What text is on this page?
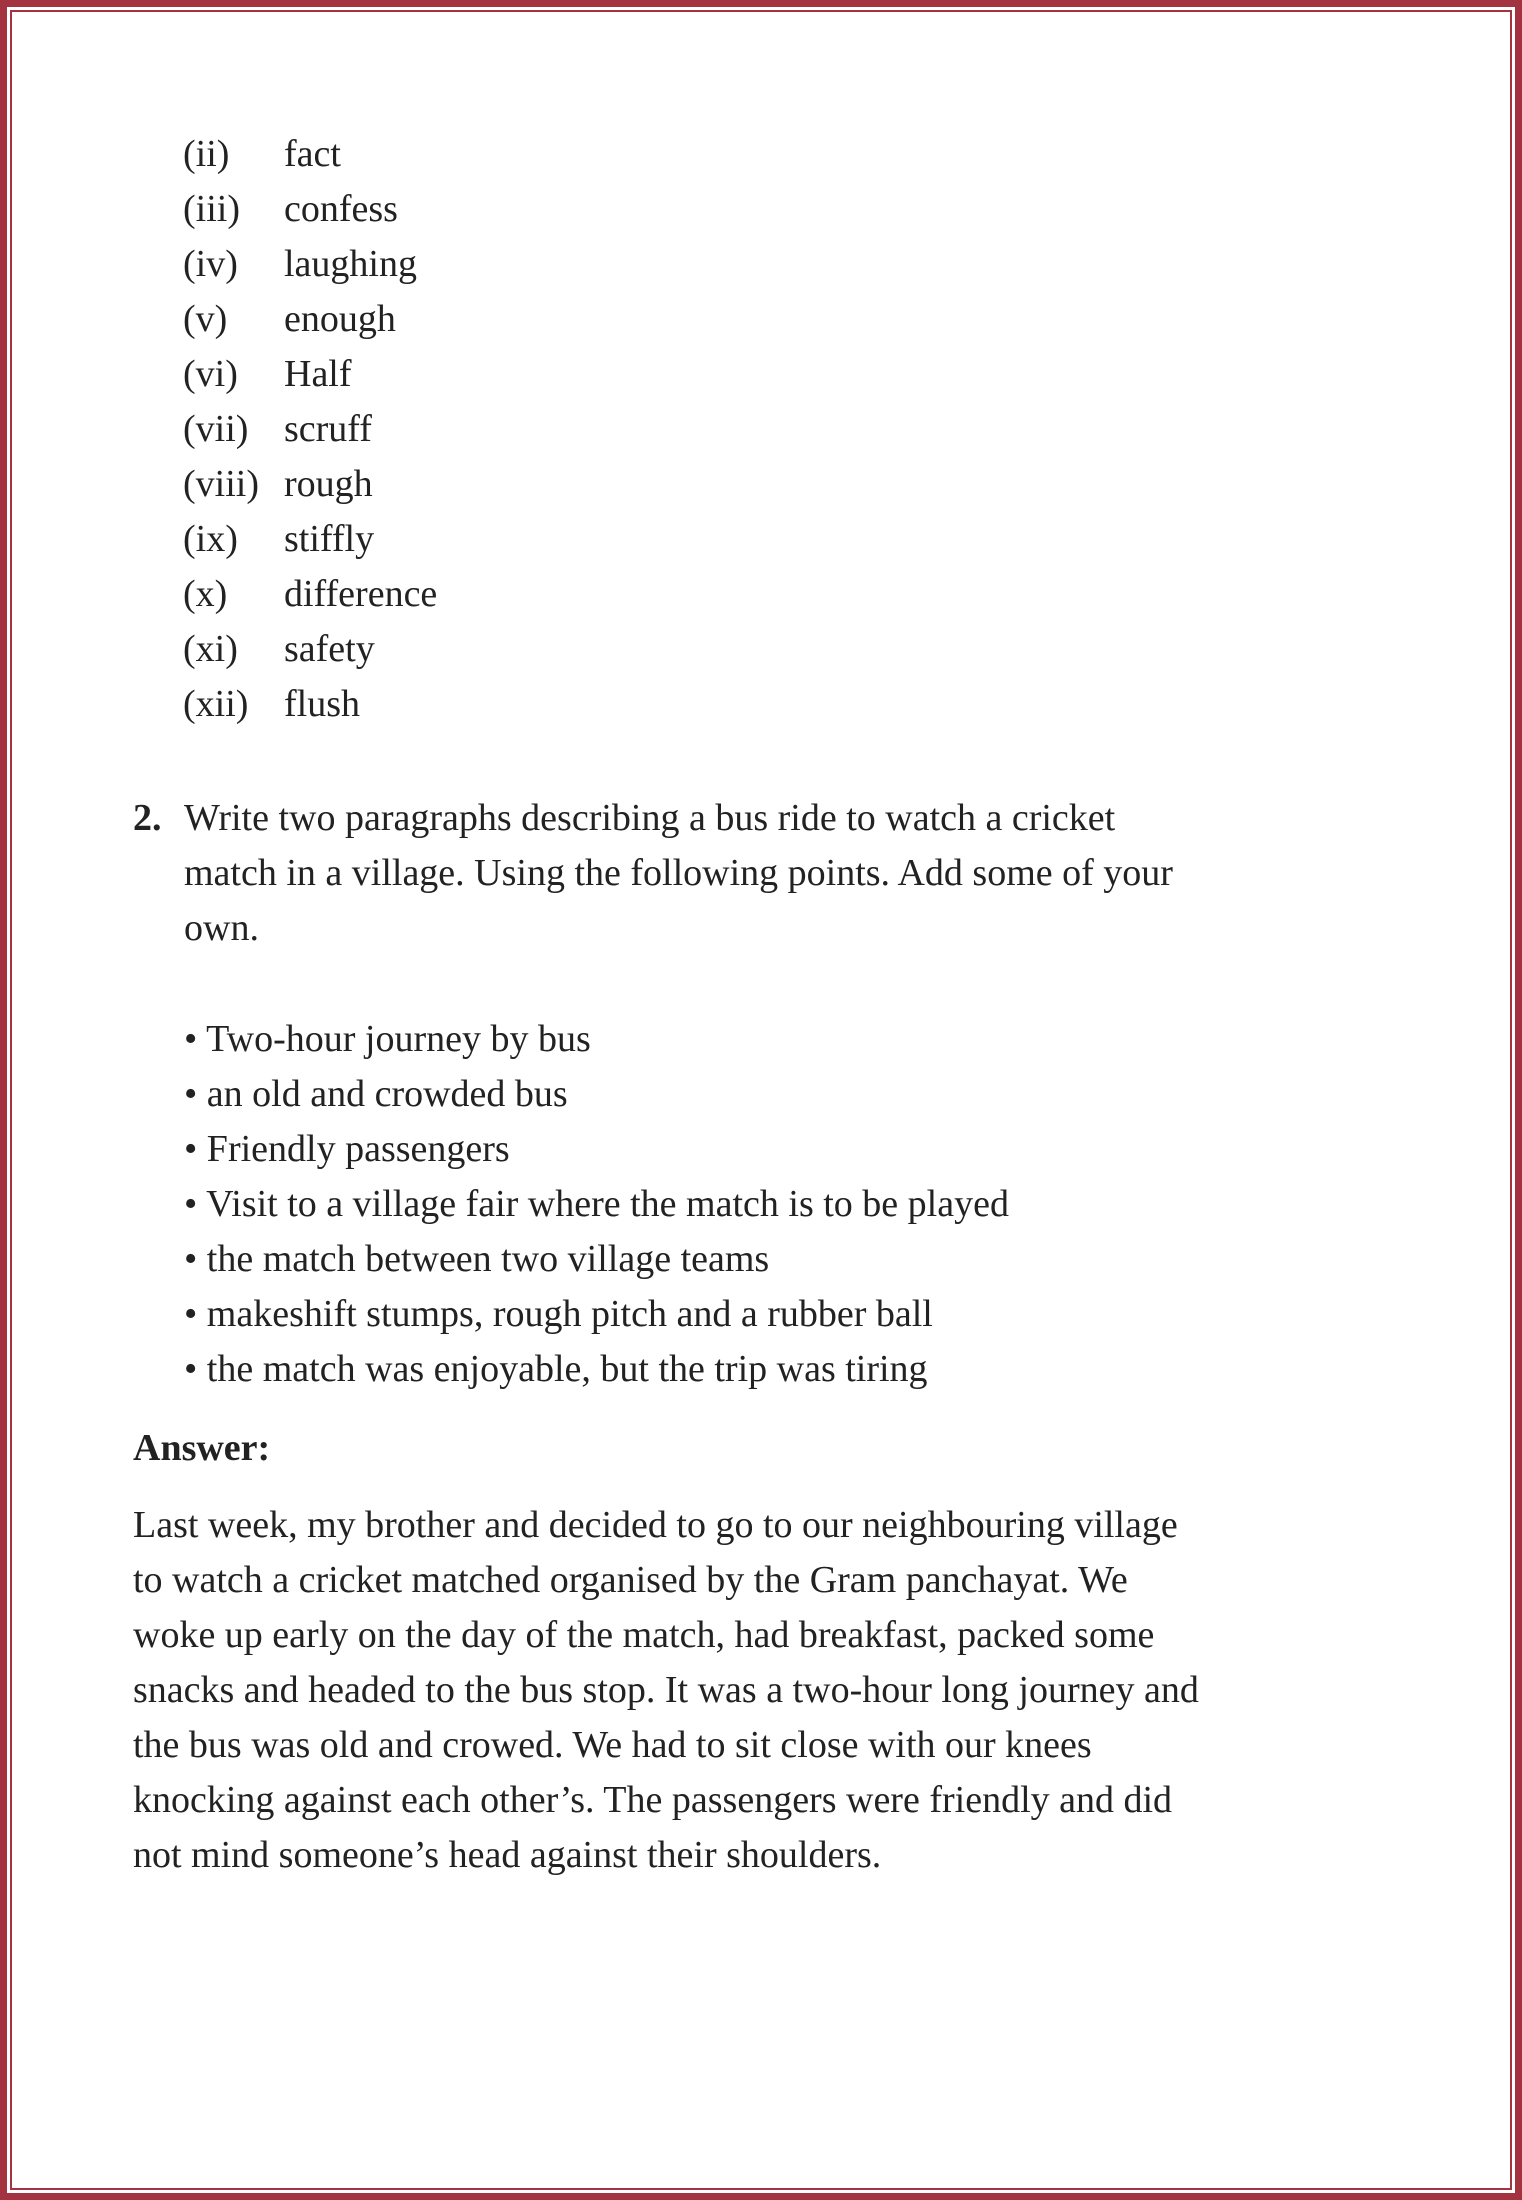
(ii) fact
(iii) confess
(iv) laughing
(v) enough
(vi) Half
(vii) scruff
(viii) rough
(ix) stiffly
(x) difference
(xi) safety
(xii) flush
2. Write two paragraphs describing a bus ride to watch a cricket
match in a village. Using the following points. Add some of your
own.
• Two-hour journey by bus
• an old and crowded bus
• Friendly passengers
• Visit to a village fair where the match is to be played
• the match between two village teams
• makeshift stumps, rough pitch and a rubber ball
• the match was enjoyable, but the trip was tiring
Answer:
Last week, my brother and decided to go to our neighbouring village
to watch a cricket matched organised by the Gram panchayat. We
woke up early on the day of the match, had breakfast, packed some
snacks and headed to the bus stop. It was a two-hour long journey and
the bus was old and crowed. We had to sit close with our knees
knocking against each other’s. The passengers were friendly and did
not mind someone’s head against their shoulders.
